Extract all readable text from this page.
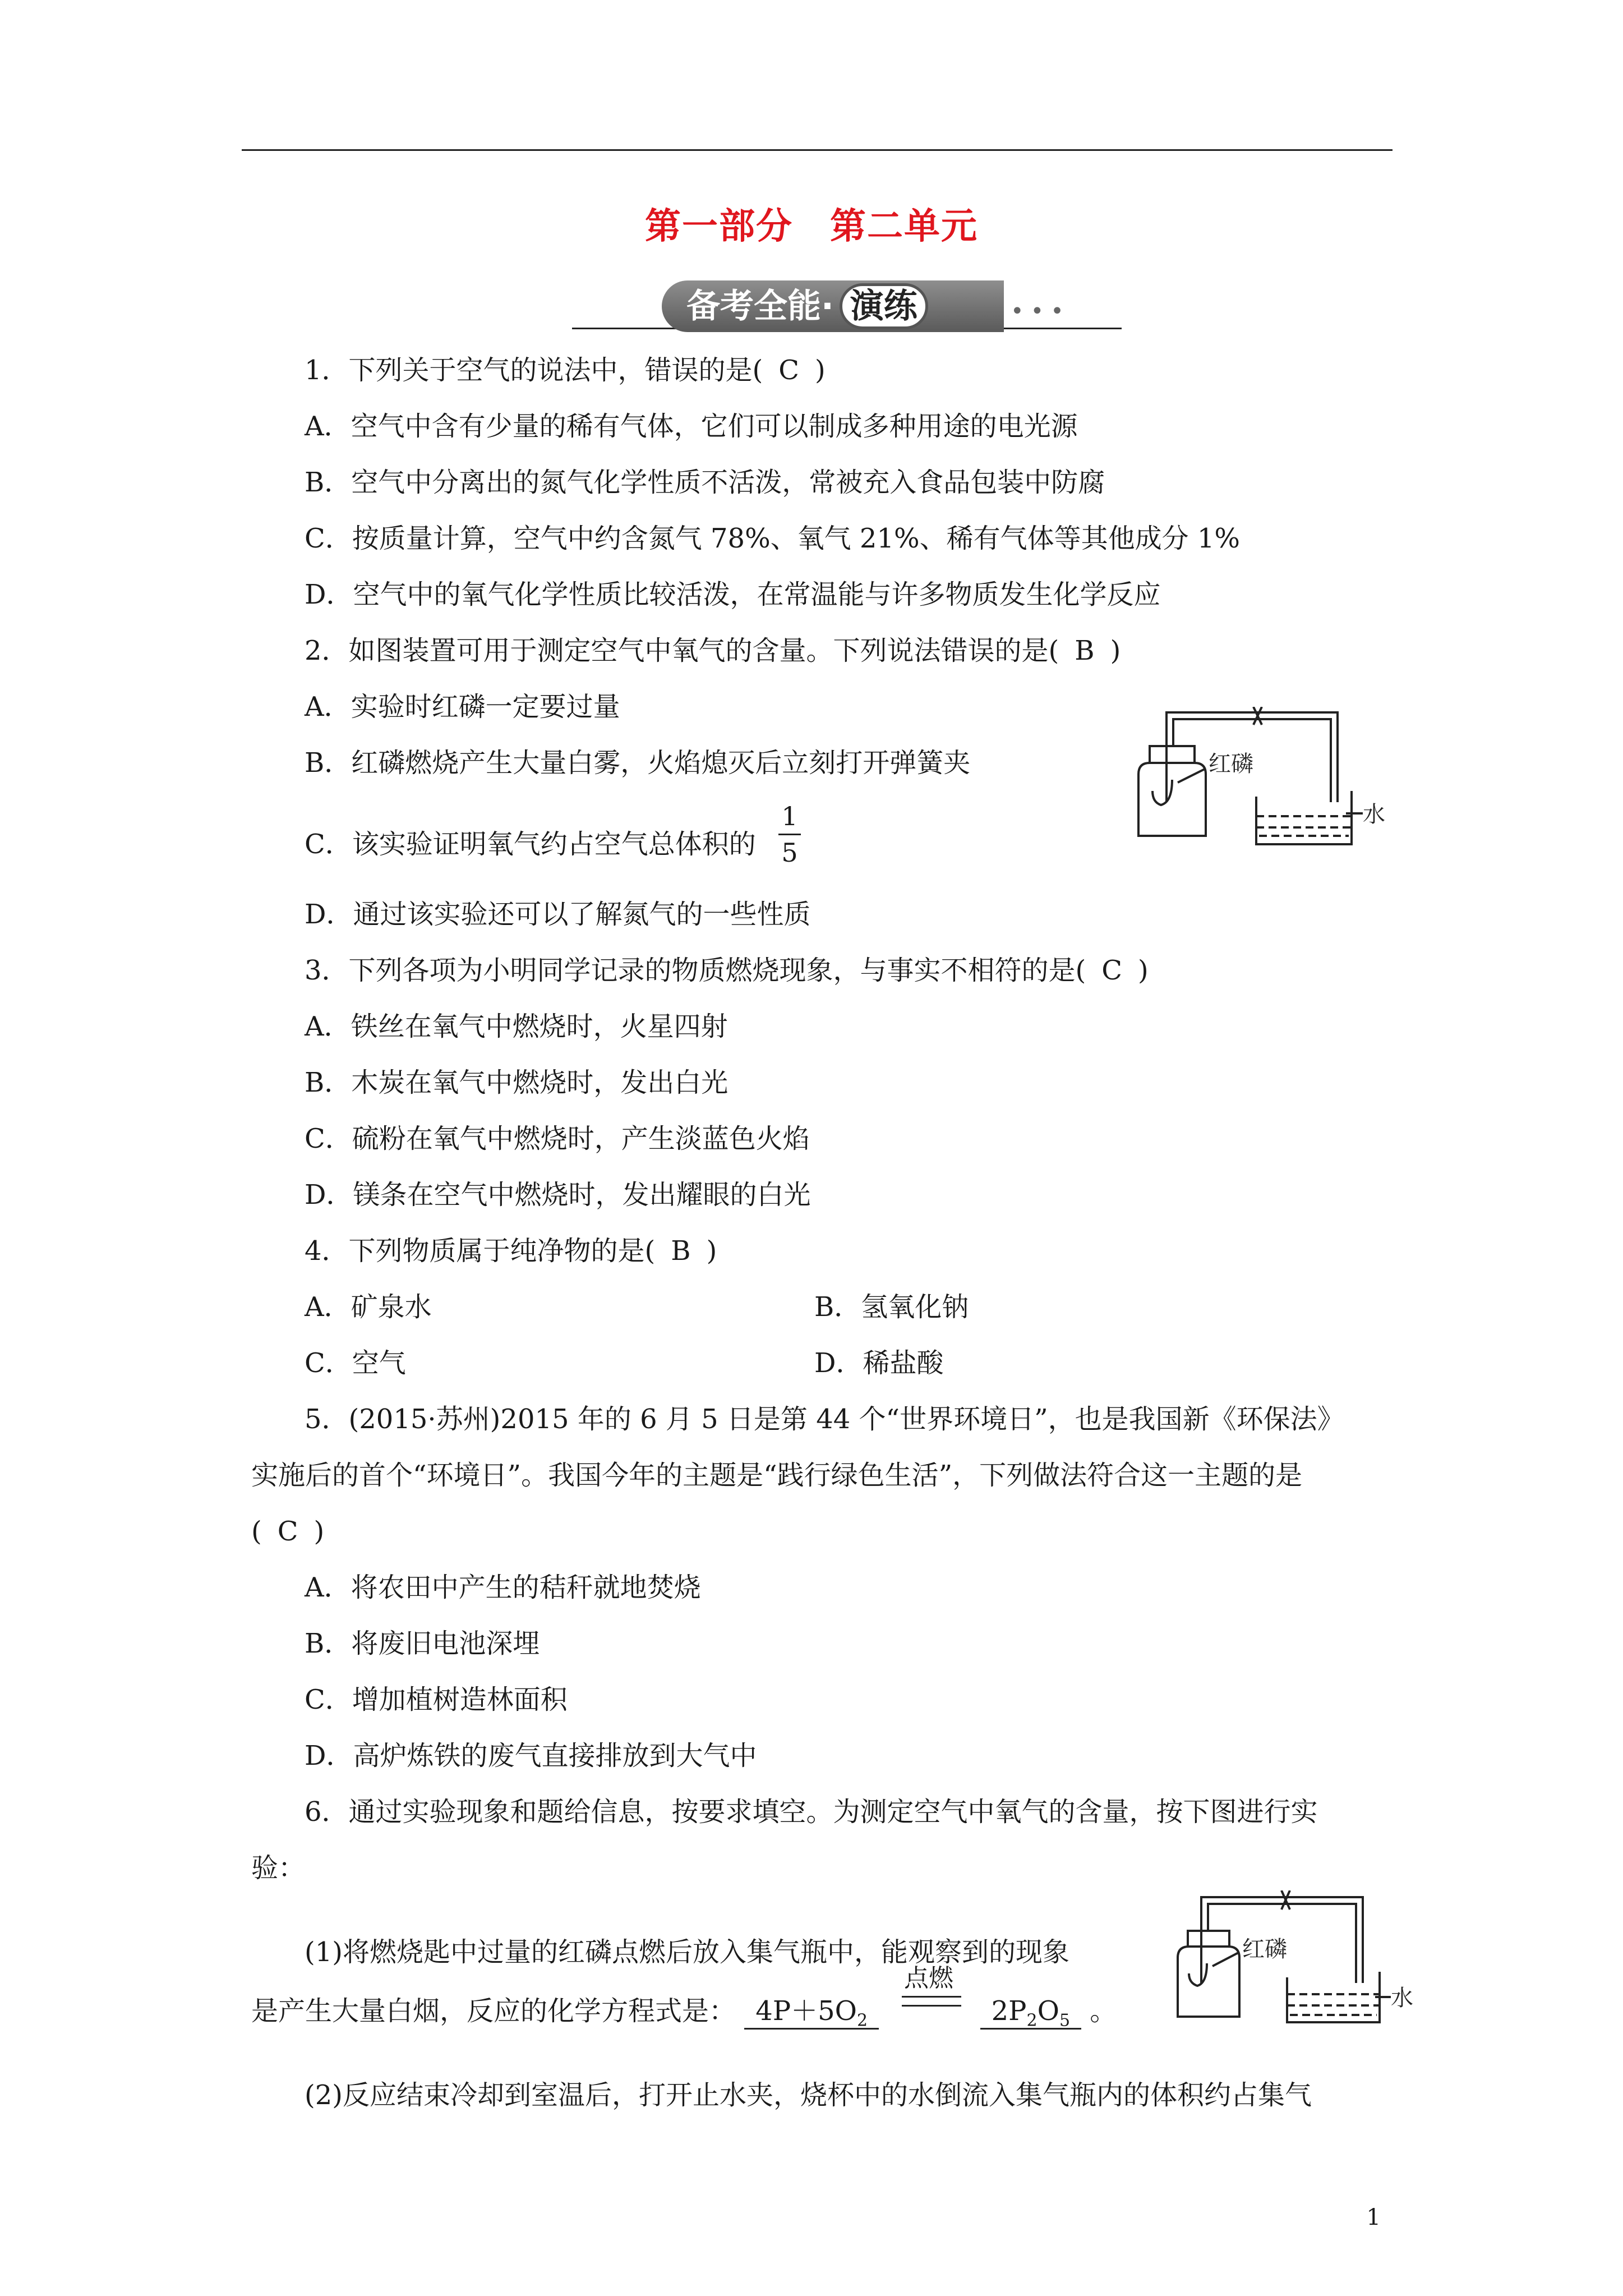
第一部分　第二单元
备考全能· 演练	•••
1．下列关于空气的说法中，错误的是( C )
A．空气中含有少量的稀有气体，它们可以制成多种用途的电光源
B．空气中分离出的氮气化学性质不活泼，常被充入食品包装中防腐
C．按质量计算，空气中约含氮气 78%、氧气 21%、稀有气体等其他成分 1%
D．空气中的氧气化学性质比较活泼，在常温能与许多物质发生化学反应
2．如图装置可用于测定空气中氧气的含量。下列说法错误的是( B )
A．实验时红磷一定要过量
B．红磷燃烧产生大量白雾，火焰熄灭后立刻打开弹簧夹
C．该实验证明氧气约占空气总体积的
1
5
D．通过该实验还可以了解氮气的一些性质
红磷
水
3．下列各项为小明同学记录的物质燃烧现象，与事实不相符的是( C )
A．铁丝在氧气中燃烧时，火星四射
B．木炭在氧气中燃烧时，发出白光
C．硫粉在氧气中燃烧时，产生淡蓝色火焰
D．镁条在空气中燃烧时，发出耀眼的白光
4．下列物质属于纯净物的是( B )
A．矿泉水	B．氢氧化钠
C．空气	D．稀盐酸
5．(2015·苏州)2015 年的 6 月 5 日是第 44 个“世界环境日”，也是我国新《环保法》
实施后的首个“环境日”。我国今年的主题是“践行绿色生活”，下列做法符合这一主题的是
( C )
A．将农田中产生的秸秆就地焚烧
B．将废旧电池深埋
C．增加植树造林面积
D．高炉炼铁的废气直接排放到大气中
6．通过实验现象和题给信息，按要求填空。为测定空气中氧气的含量，按下图进行实
验：
(1)将燃烧匙中过量的红磷点燃后放入集气瓶中，能观察到的现象
是产生大量白烟，反应的化学方程式是： $4P+5O_2$	$2P_2O_5$ 。
点燃
红磷
水
(2)反应结束冷却到室温后，打开止水夹，烧杯中的水倒流入集气瓶内的体积约占集气
1
